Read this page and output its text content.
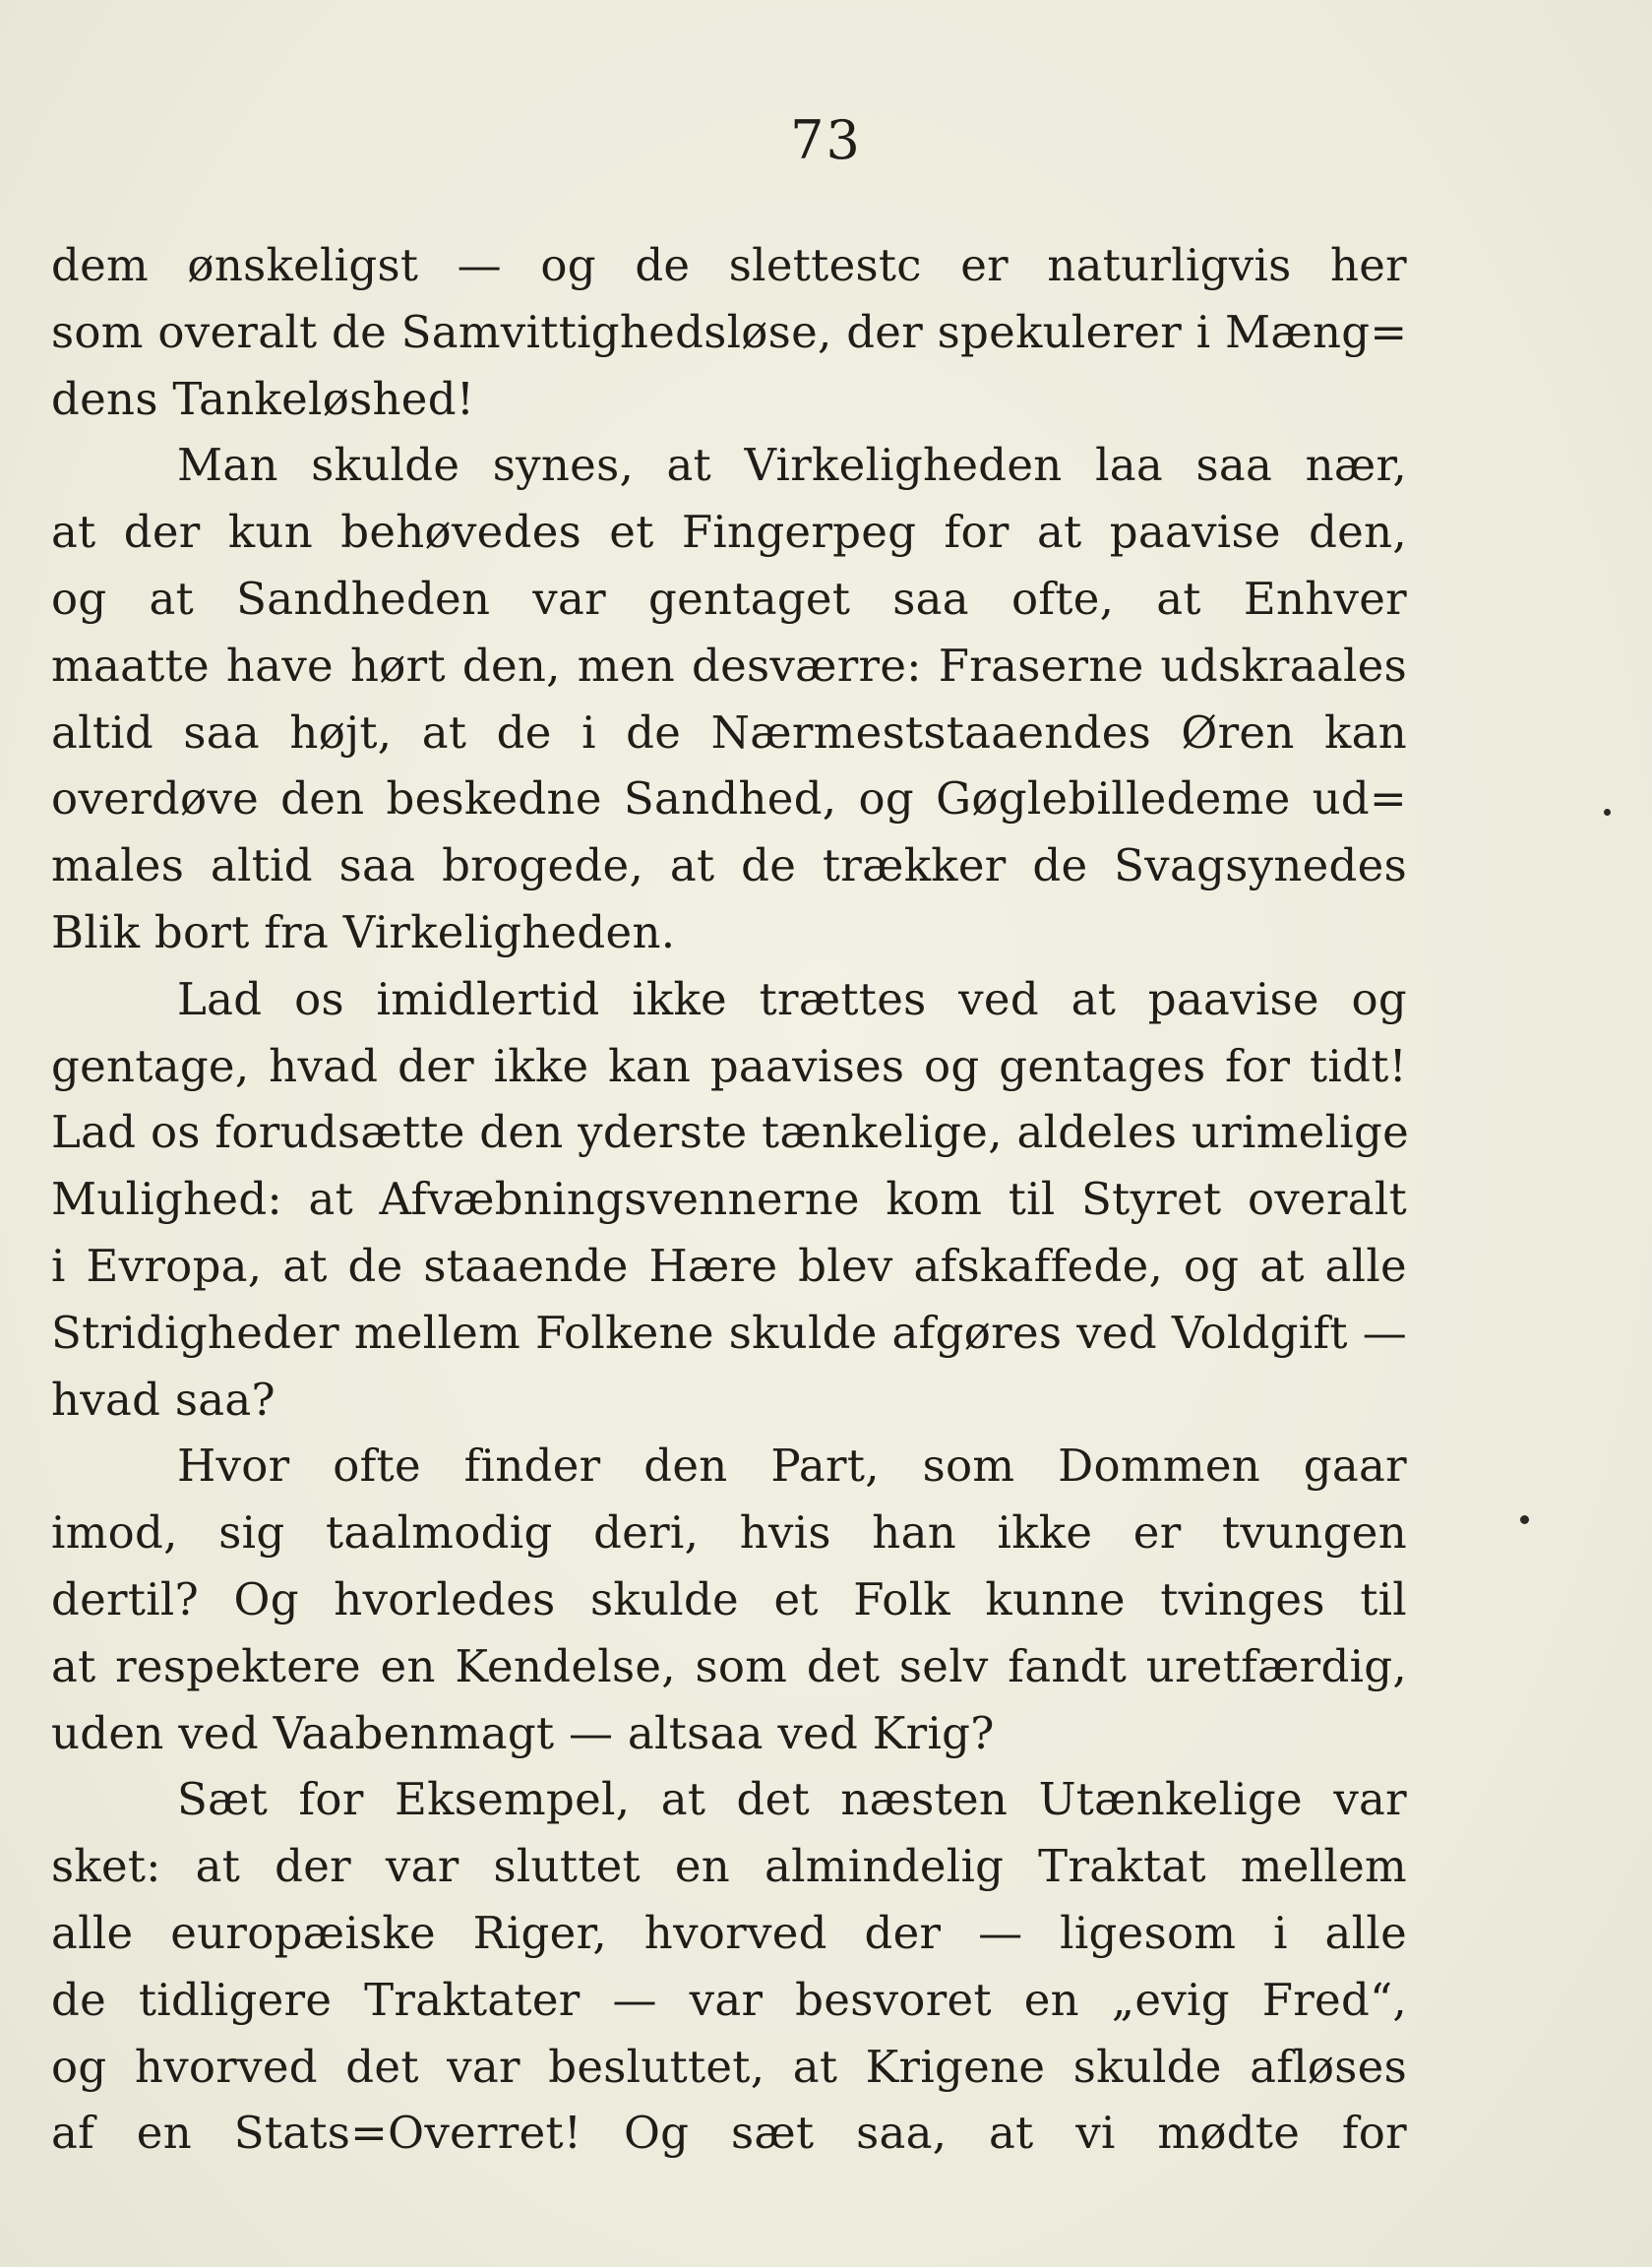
73
dem ønskeligst — og de slettestc er naturligvis her
som overalt de Samvittighedsløse, der spekulerer i Mæng=
dens Tankeløshed!
Man skulde synes, at Virkeligheden laa saa nær,
at der kun behøvedes et Fingerpeg for at paavise den,
og at Sandheden var gentaget saa ofte, at Enhver
maatte have hørt den, men desværre: Fraserne udskraales
altid saa højt, at de i de Nærmeststaaendes Øren kan
overdøve den beskedne Sandhed, og Gøglebilledeme ud=
males altid saa brogede, at de trækker de Svagsynedes
Blik bort fra Virkeligheden.
Lad os imidlertid ikke trættes ved at paavise og
gentage, hvad der ikke kan paavises og gentages for tidt!
Lad os forudsætte den yderste tænkelige, aldeles urimelige
Mulighed: at Afvæbningsvennerne kom til Styret overalt
i Evropa, at de staaende Hære blev afskaffede, og at alle
Stridigheder mellem Folkene skulde afgøres ved Voldgift —
hvad saa?
Hvor ofte finder den Part, som Dommen gaar
imod, sig taalmodig deri, hvis han ikke er tvungen
dertil? Og hvorledes skulde et Folk kunne tvinges til
at respektere en Kendelse, som det selv fandt uretfærdig,
uden ved Vaabenmagt — altsaa ved Krig?
Sæt for Eksempel, at det næsten Utænkelige var
sket: at der var sluttet en almindelig Traktat mellem
alle europæiske Riger, hvorved der — ligesom i alle
de tidligere Traktater — var besvoret en „evig Fred“,
og hvorved det var besluttet, at Krigene skulde afløses
af en Stats=Overret! Og sæt saa, at vi mødte for
